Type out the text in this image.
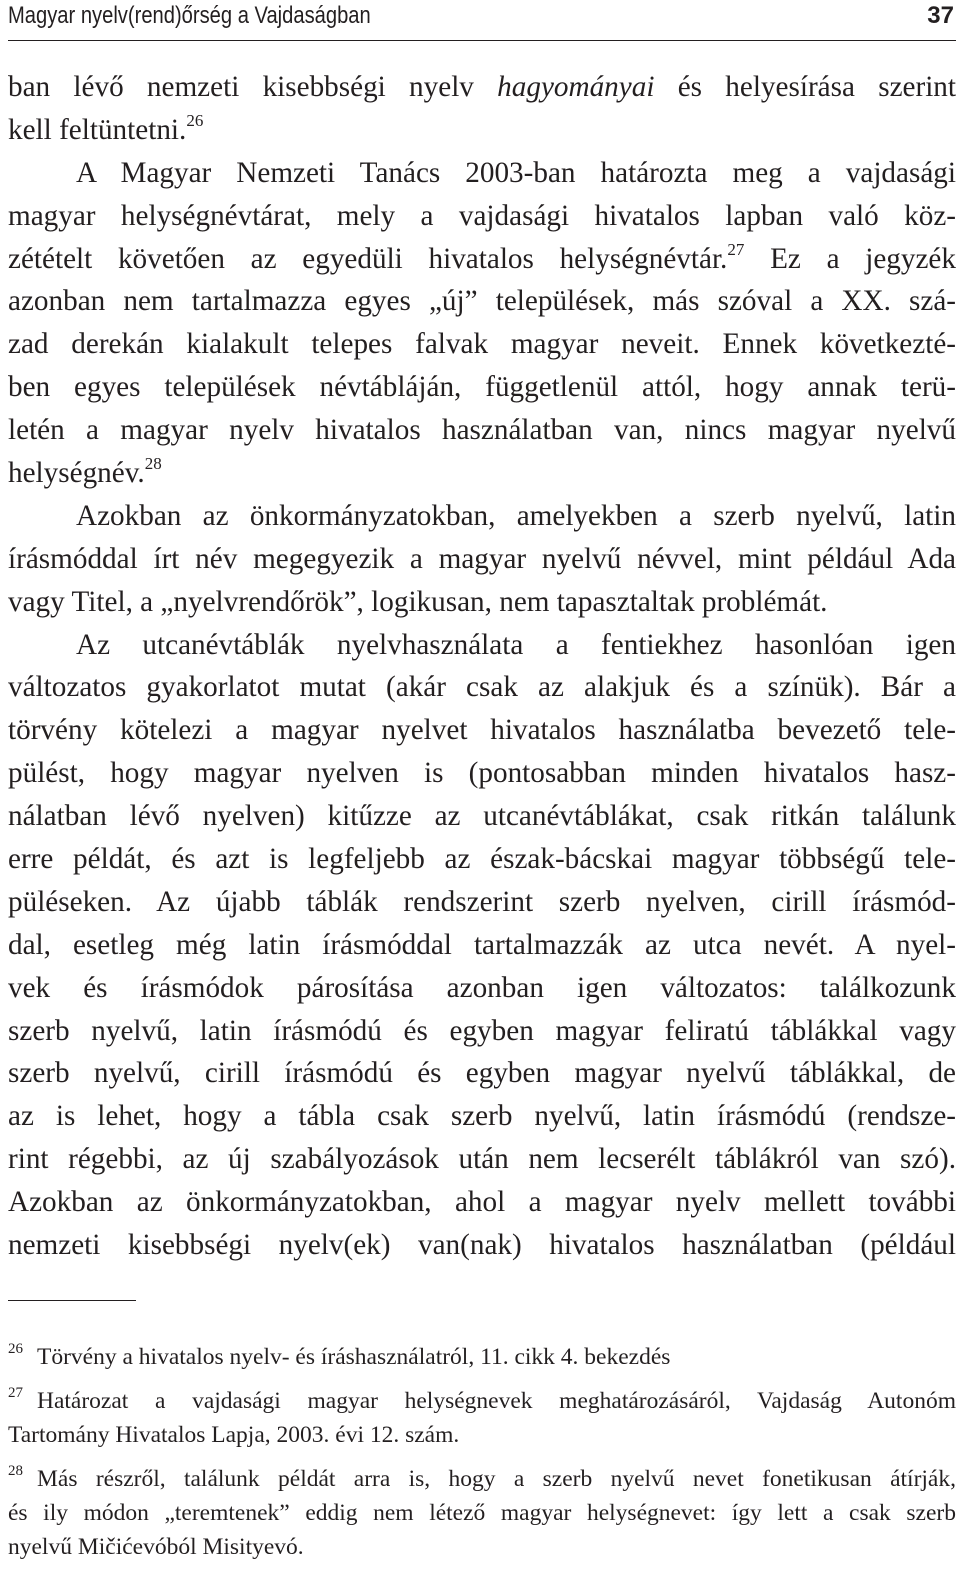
Magyar nyelv(rend)őrség a Vajdaságban	37
ban lévő nemzeti kisebbségi nyelv hagyományai és helyesírása szerint
kell feltüntetni.$^{26}$
A Magyar Nemzeti Tanács 2003-ban határozta meg a vajdasági
magyar helységnévtárat, mely a vajdasági hivatalos lapban való köz-
zétételt követően az egyedüli hivatalos helységnévtár.$^{27}$ Ez a jegyzék
azonban nem tartalmazza egyes „új” települések, más szóval a XX. szá-
zad derekán kialakult telepes falvak magyar neveit. Ennek következté-
ben egyes települések névtábláján, függetlenül attól, hogy annak terü-
letén a magyar nyelv hivatalos használatban van, nincs magyar nyelvű
helységnév.$^{28}$
Azokban az önkormányzatokban, amelyekben a szerb nyelvű, latin
írásmóddal írt név megegyezik a magyar nyelvű névvel, mint például Ada
vagy Titel, a „nyelvrendőrök”, logikusan, nem tapasztaltak problémát.
Az utcanévtáblák nyelvhasználata a fentiekhez hasonlóan igen
változatos gyakorlatot mutat (akár csak az alakjuk és a színük). Bár a
törvény kötelezi a magyar nyelvet hivatalos használatba bevezető tele-
pülést, hogy magyar nyelven is (pontosabban minden hivatalos hasz-
nálatban lévő nyelven) kitűzze az utcanévtáblákat, csak ritkán találunk
erre példát, és azt is legfeljebb az észak-bácskai magyar többségű tele-
püléseken. Az újabb táblák rendszerint szerb nyelven, cirill írásmód-
dal, esetleg még latin írásmóddal tartalmazzák az utca nevét. A nyel-
vek és írásmódok párosítása azonban igen változatos: találkozunk
szerb nyelvű, latin írásmódú és egyben magyar feliratú táblákkal vagy
szerb nyelvű, cirill írásmódú és egyben magyar nyelvű táblákkal, de
az is lehet, hogy a tábla csak szerb nyelvű, latin írásmódú (rendsze-
rint régebbi, az új szabályozások után nem lecserélt táblákról van szó).
Azokban az önkormányzatokban, ahol a magyar nyelv mellett további
nemzeti kisebbségi nyelv(ek) van(nak) hivatalos használatban (például
$^{26}$ Törvény a hivatalos nyelv- és íráshasználatról, 11. cikk 4. bekezdés
$^{27}$ Határozat a vajdasági magyar helységnevek meghatározásáról, Vajdaság Autonóm
Tartomány Hivatalos Lapja, 2003. évi 12. szám.
$^{28}$ Más részről, találunk példát arra is, hogy a szerb nyelvű nevet fonetikusan átírják,
és ily módon „teremtenek” eddig nem létező magyar helységnevet: így lett a csak szerb
nyelvű Mičićevóból Misityevó.
